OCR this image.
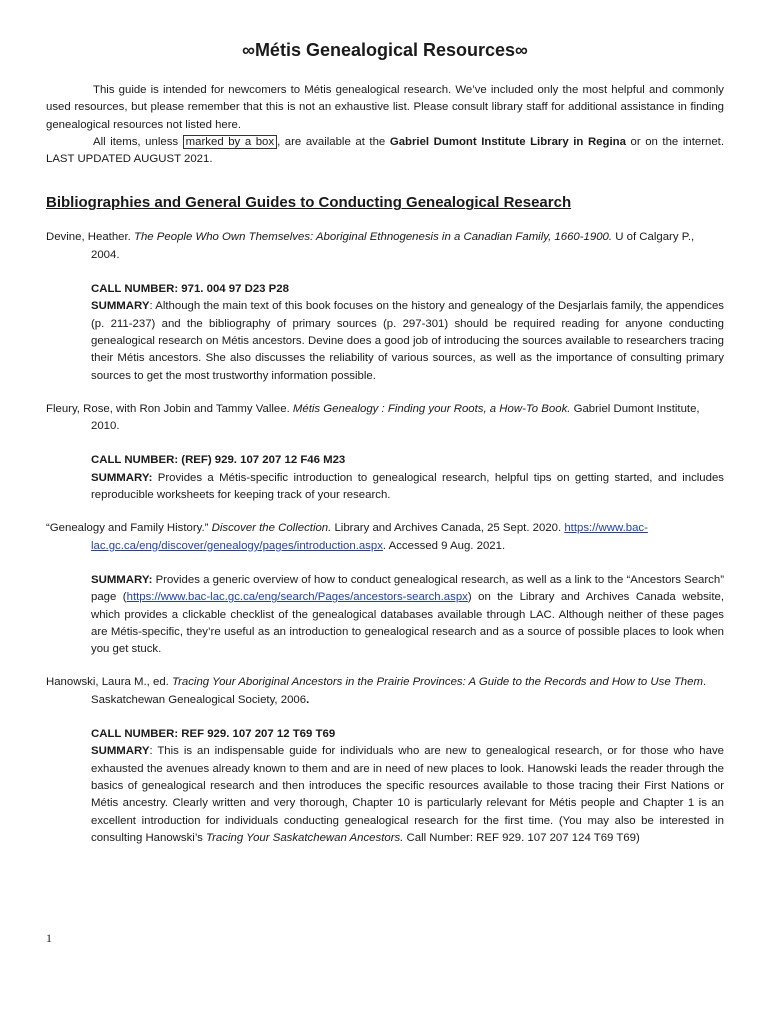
∞Métis Genealogical Resources∞

This guide is intended for newcomers to Métis genealogical research. We’ve included only the most helpful and commonly used resources, but please remember that this is not an exhaustive list. Please consult library staff for additional assistance in finding genealogical resources not listed here.

All items, unless marked by a box , are available at the Gabriel Dumont Institute Library in Regina or on the internet. LAST UPDATED AUGUST 2021.

Bibliographies and General Guides to Conducting Genealogical Research
Devine, Heather. The People Who Own Themselves: Aboriginal Ethnogenesis in a Canadian Family, 1660-1900. U of Calgary P., 2004.
CALL NUMBER: 971. 004 97 D23 P28
SUMMARY: Although the main text of this book focuses on the history and genealogy of the Desjarlais family, the appendices (p. 211-237) and the bibliography of primary sources (p. 297-301) should be required reading for anyone conducting genealogical research on Métis ancestors. Devine does a good job of introducing the sources available to researchers tracing their Métis ancestors. She also discusses the reliability of various sources, as well as the importance of consulting primary sources to get the most trustworthy information possible.
Fleury, Rose, with Ron Jobin and Tammy Vallee. Métis Genealogy : Finding your Roots, a How-To Book. Gabriel Dumont Institute, 2010.
CALL NUMBER: (REF) 929. 107 207 12 F46 M23
SUMMARY: Provides a Métis-specific introduction to genealogical research, helpful tips on getting started, and includes reproducible worksheets for keeping track of your research.
“Genealogy and Family History.” Discover the Collection. Library and Archives Canada, 25 Sept. 2020. https://www.bac-lac.gc.ca/eng/discover/genealogy/pages/introduction.aspx. Accessed 9 Aug. 2021.
SUMMARY: Provides a generic overview of how to conduct genealogical research, as well as a link to the “Ancestors Search” page (https://www.bac-lac.gc.ca/eng/search/Pages/ancestors-search.aspx) on the Library and Archives Canada website, which provides a clickable checklist of the genealogical databases available through LAC. Although neither of these pages are Métis-specific, they’re useful as an introduction to genealogical research and as a source of possible places to look when you get stuck.
Hanowski, Laura M., ed. Tracing Your Aboriginal Ancestors in the Prairie Provinces: A Guide to the Records and How to Use Them. Saskatchewan Genealogical Society, 2006.
CALL NUMBER: REF 929. 107 207 12 T69 T69
SUMMARY: This is an indispensable guide for individuals who are new to genealogical research, or for those who have exhausted the avenues already known to them and are in need of new places to look. Hanowski leads the reader through the basics of genealogical research and then introduces the specific resources available to those tracing their First Nations or Métis ancestry. Clearly written and very thorough, Chapter 10 is particularly relevant for Métis people and Chapter 1 is an excellent introduction for individuals conducting genealogical research for the first time. (You may also be interested in consulting Hanowski’s Tracing Your Saskatchewan Ancestors. Call Number: REF 929. 107 207 124 T69 T69)
1
